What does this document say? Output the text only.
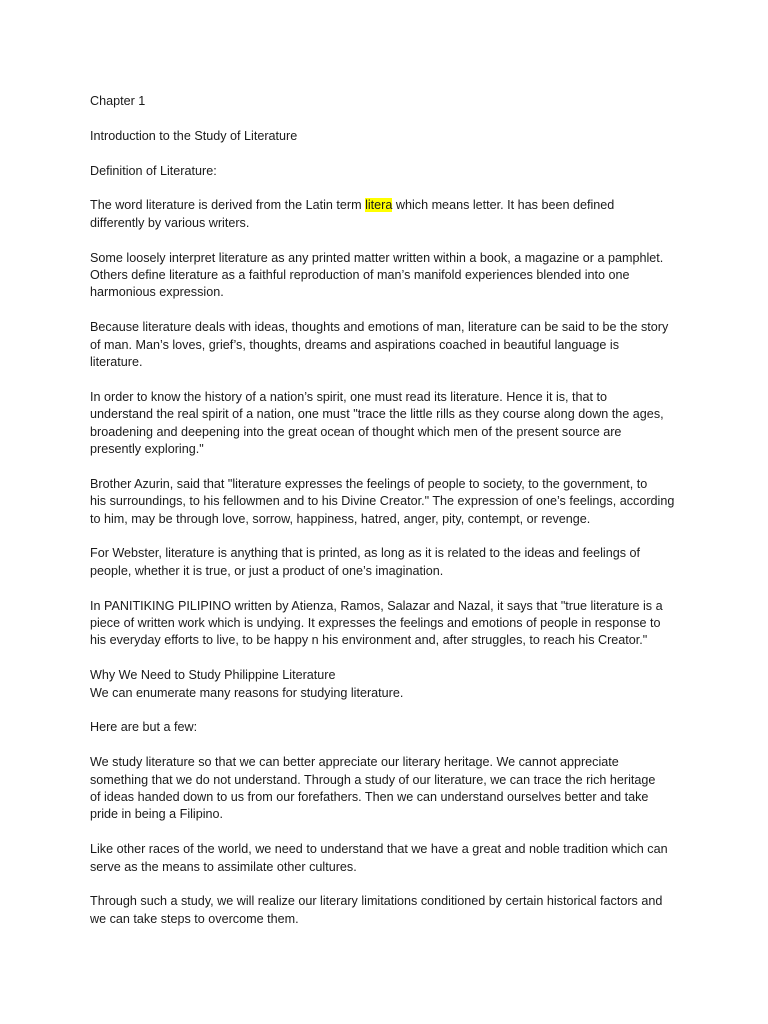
Chapter 1

Introduction to the Study of Literature

Definition of Literature:

The word literature is derived from the Latin term litera which means letter. It has been defined
differently by various writers.

Some loosely interpret literature as any printed matter written within a book, a magazine or a pamphlet.
Others define literature as a faithful reproduction of man’s manifold experiences blended into one
harmonious expression.

Because literature deals with ideas, thoughts and emotions of man, literature can be said to be the story
of man. Man’s loves, grief’s, thoughts, dreams and aspirations coached in beautiful language is
literature.

In order to know the history of a nation’s spirit, one must read its literature. Hence it is, that to
understand the real spirit of a nation, one must "trace the little rills as they course along down the ages,
broadening and deepening into the great ocean of thought which men of the present source are
presently exploring."

Brother Azurin, said that "literature expresses the feelings of people to society, to the government, to
his surroundings, to his fellowmen and to his Divine Creator." The expression of one’s feelings, according
to him, may be through love, sorrow, happiness, hatred, anger, pity, contempt, or revenge.

For Webster, literature is anything that is printed, as long as it is related to the ideas and feelings of
people, whether it is true, or just a product of one’s imagination.

In PANITIKING PILIPINO written by Atienza, Ramos, Salazar and Nazal, it says that "true literature is a
piece of written work which is undying. It expresses the feelings and emotions of people in response to
his everyday efforts to live, to be happy n his environment and, after struggles, to reach his Creator."

Why We Need to Study Philippine Literature

We can enumerate many reasons for studying literature.

Here are but a few:

We study literature so that we can better appreciate our literary heritage. We cannot appreciate
something that we do not understand. Through a study of our literature, we can trace the rich heritage
of ideas handed down to us from our forefathers. Then we can understand ourselves better and take
pride in being a Filipino.

Like other races of the world, we need to understand that we have a great and noble tradition which can
serve as the means to assimilate other cultures.

Through such a study, we will realize our literary limitations conditioned by certain historical factors and
we can take steps to overcome them.
